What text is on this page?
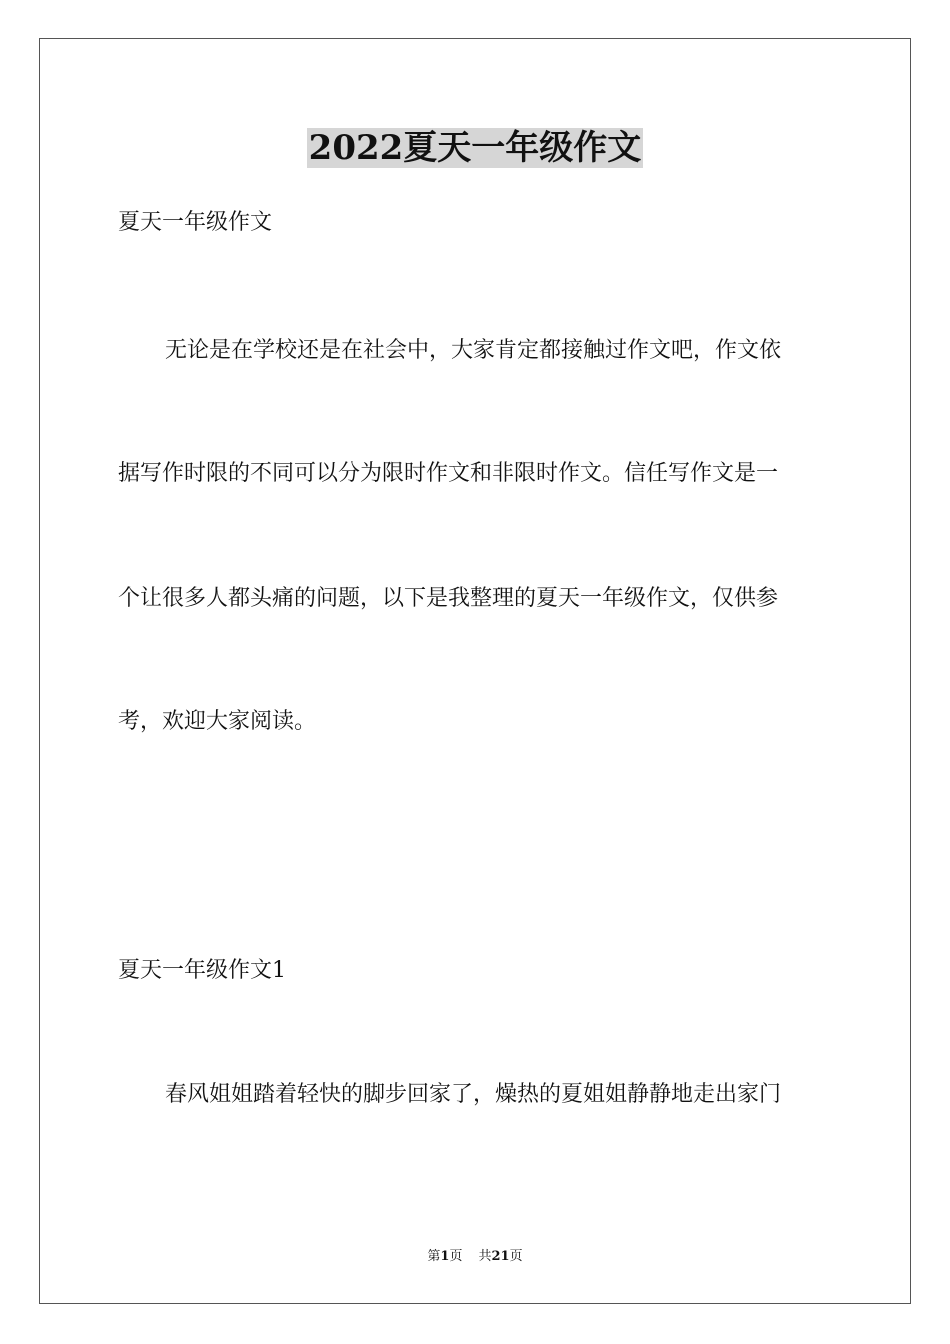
2022夏天一年级作文
夏天一年级作文
无论是在学校还是在社会中，大家肯定都接触过作文吧，作文依
据写作时限的不同可以分为限时作文和非限时作文。信任写作文是一
个让很多人都头痛的问题，以下是我整理的夏天一年级作文，仅供参
考，欢迎大家阅读。
夏天一年级作文1
春风姐姐踏着轻快的脚步回家了，燥热的夏姐姐静静地走出家门
第1页 共21页
